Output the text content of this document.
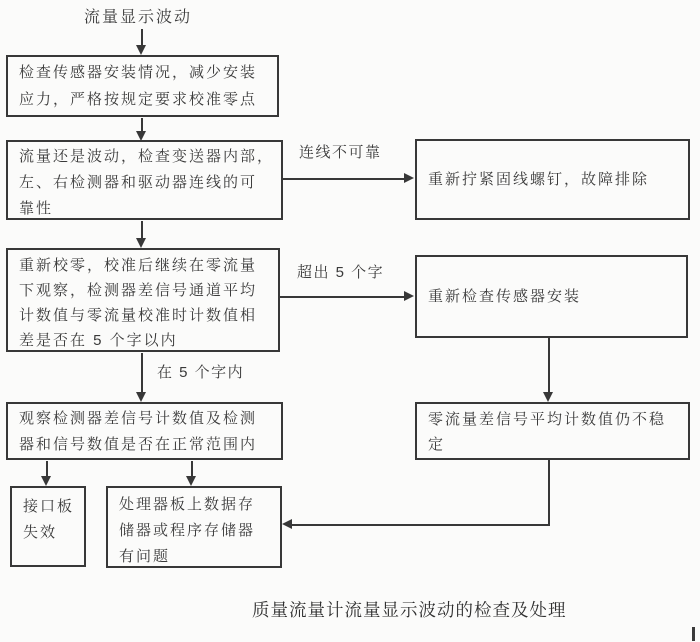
流量显示波动
检查传感器安装情况，减少安装
应力，严格按规定要求校准零点
流量还是波动，检查变送器内部，
左、右检测器和驱动器连线的可
靠性
连线不可靠
重新拧紧固线螺钉，故障排除
重新校零，校准后继续在零流量
下观察，检测器差信号通道平均
计数值与零流量校准时计数值相
差是否在 5 个字以内
超出 5 个字
重新检查传感器安装
在 5 个字内
观察检测器差信号计数值及检测
器和信号数值是否在正常范围内
零流量差信号平均计数值仍不稳
定
接口板
失效
处理器板上数据存
储器或程序存储器
有问题
质量流量计流量显示波动的检查及处理
